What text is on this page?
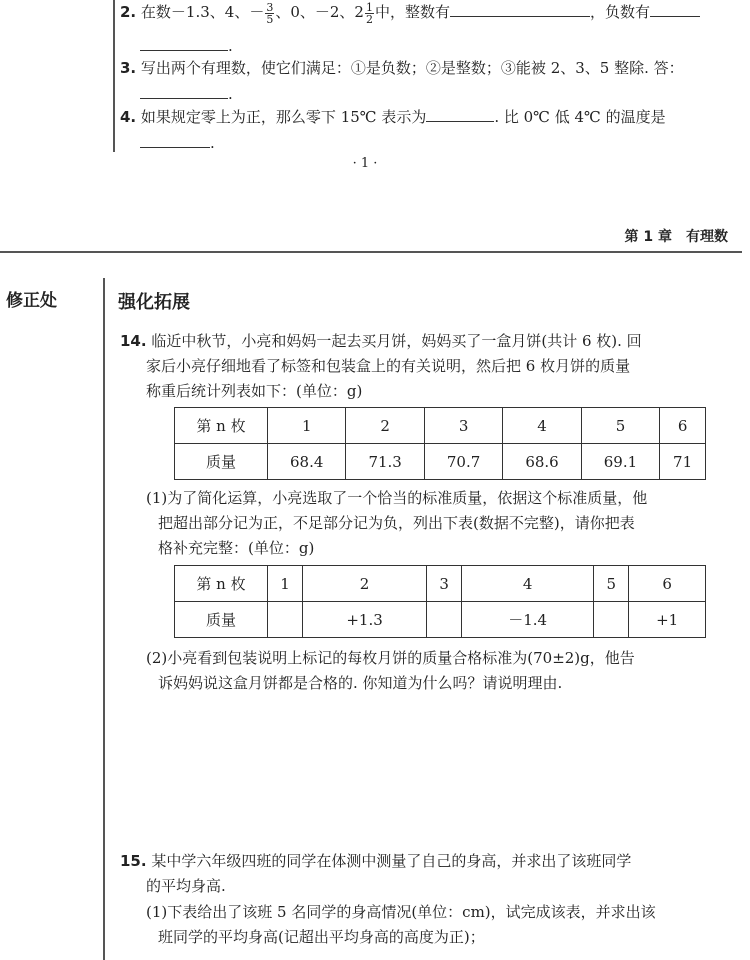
2. 在数－1.3、4、－ $\frac{3}{5}$ 、0、－2、$2 \frac{1}{2}$ 中，整数有	，负数有
.
3. 写出两个有理数，使它们满足：①是负数；②是整数；③能被 2、3、5 整除. 答：
.
4. 如果规定零上为正，那么零下 15℃ 表示为	. 比 0℃ 低 4℃ 的温度是
.
· 1 ·
第 1 章　有理数
修正处	强化拓展
14. 临近中秋节，小亮和妈妈一起去买月饼，妈妈买了一盒月饼(共计 6 枚). 回
家后小亮仔细地看了标签和包装盒上的有关说明，然后把 6 枚月饼的质量
称重后统计列表如下：(单位：g)
第 n 枚	1	2	3	4	5	6
质量	68.4	71.3	70.7	68.6	69.1	71
(1)为了简化运算，小亮选取了一个恰当的标准质量，依据这个标准质量，他
把超出部分记为正，不足部分记为负，列出下表(数据不完整)，请你把表
格补充完整：(单位：g)
第 n 枚	1	2	3	4	5	6
质量		+1.3		－1.4		+1
(2)小亮看到包装说明上标记的每枚月饼的质量合格标准为(70±2)g，他告
诉妈妈说这盒月饼都是合格的. 你知道为什么吗？请说明理由.
15. 某中学六年级四班的同学在体测中测量了自己的身高，并求出了该班同学
的平均身高.
(1)下表给出了该班 5 名同学的身高情况(单位：cm)，试完成该表，并求出该
班同学的平均身高(记超出平均身高的高度为正)；
